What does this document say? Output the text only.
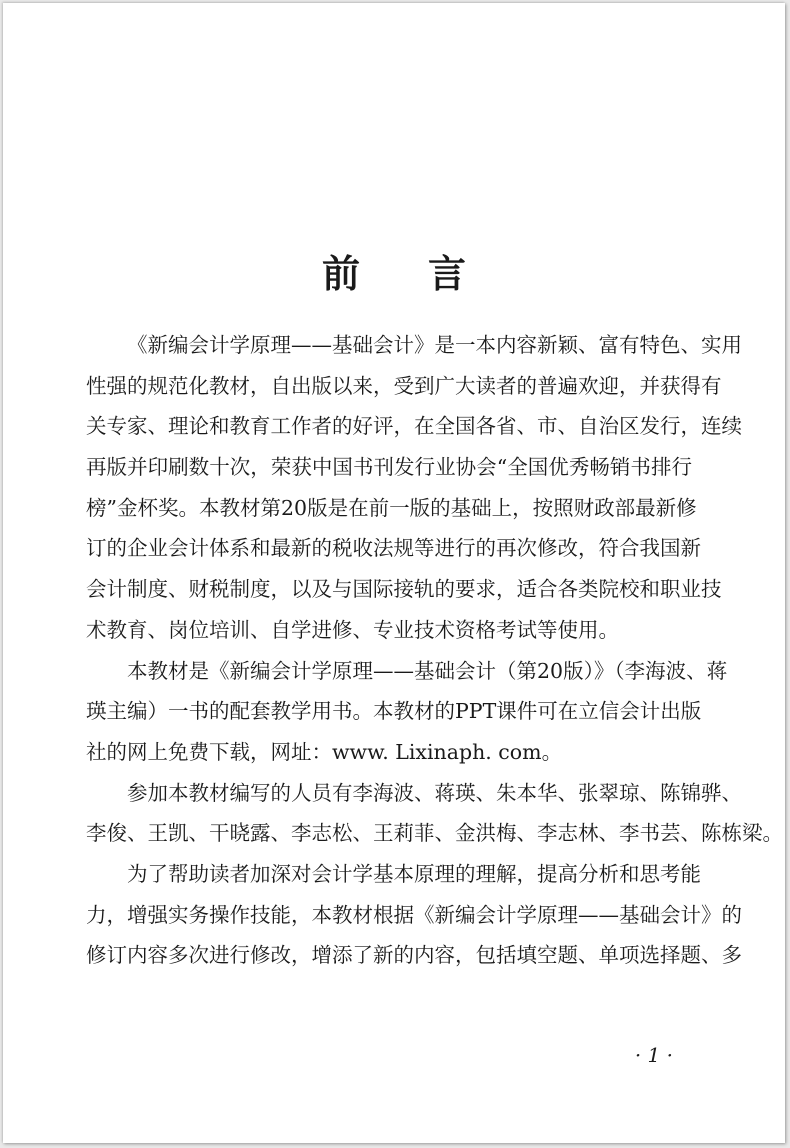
前言
《新编会计学原理——基础会计》是一本内容新颖、富有特色、实用
性强的规范化教材，自出版以来，受到广大读者的普遍欢迎，并获得有
关专家、理论和教育工作者的好评，在全国各省、市、自治区发行，连续
再版并印刷数十次，荣获中国书刊发行业协会“全国优秀畅销书排行
榜”金杯奖。本教材第20版是在前一版的基础上，按照财政部最新修
订的企业会计体系和最新的税收法规等进行的再次修改，符合我国新
会计制度、财税制度，以及与国际接轨的要求，适合各类院校和职业技
术教育、岗位培训、自学进修、专业技术资格考试等使用。
本教材是《新编会计学原理——基础会计（第20版）》（李海波、蒋
瑛主编）一书的配套教学用书。本教材的PPT课件可在立信会计出版
社的网上免费下载，网址：www. Lixinaph. com。
参加本教材编写的人员有李海波、蒋瑛、朱本华、张翠琼、陈锦骅、
李俊、王凯、干晓露、李志松、王莉菲、金洪梅、李志林、李书芸、陈栋梁。
为了帮助读者加深对会计学基本原理的理解，提高分析和思考能
力，增强实务操作技能，本教材根据《新编会计学原理——基础会计》的
修订内容多次进行修改，增添了新的内容，包括填空题、单项选择题、多
· 1 ·
